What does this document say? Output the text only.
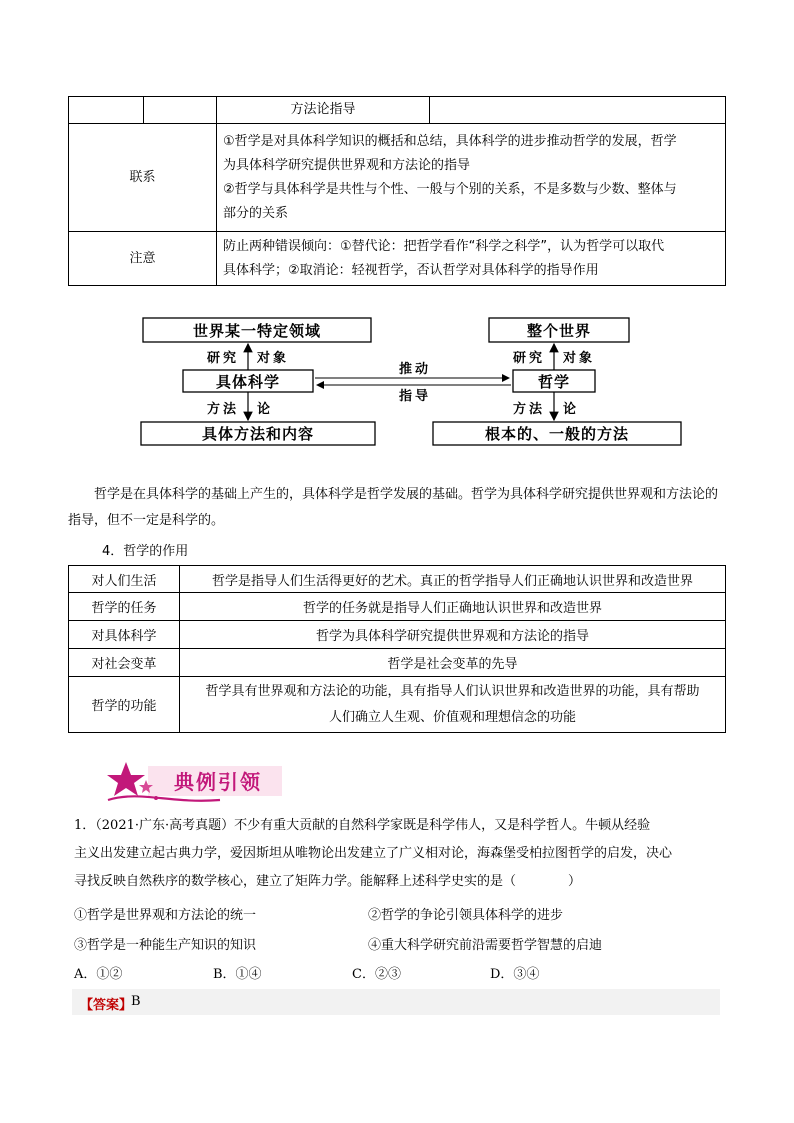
		方法论指导	
联系		①哲学是对具体科学知识的概括和总结，具体科学的进步推动哲学的发展，哲学
为具体科学研究提供世界观和方法论的指导
②哲学与具体科学是共性与个性、一般与个别的关系，不是多数与少数、整体与
部分的关系	

注意		防止两种错误倾向：①替代论：把哲学看作“科学之科学”，认为哲学可以取代
具体科学；②取消论：轻视哲学，否认哲学对具体科学的指导作用	
世界某一特定领域
具体科学
具体方法和内容
研究 对象
方法 论
整个世界
哲学
根本的、一般的方法
研究 对象
方法 论
推动
指导
哲学是在具体科学的基础上产生的，具体科学是哲学发展的基础。哲学为具体科学研究提供世界观和方法论的指导，但不一定是科学的。
4．哲学的作用
对人们生活	哲学是指导人们生活得更好的艺术。真正的哲学指导人们正确地认识世界和改造世界
哲学的任务	哲学的任务就是指导人们正确地认识世界和改造世界
对具体科学	哲学为具体科学研究提供世界观和方法论的指导
对社会变革	哲学是社会变革的先导
哲学的功能	哲学具有世界观和方法论的功能，具有指导人们认识世界和改造世界的功能，具有帮助
人们确立人生观、价值观和理想信念的功能
典例引领
1．（2021·广东·高考真题）不少有重大贡献的自然科学家既是科学伟人，又是科学哲人。牛顿从经验
主义出发建立起古典力学，爱因斯坦从唯物论出发建立了广义相对论，海森堡受柏拉图哲学的启发，决心
寻找反映自然秩序的数学核心，建立了矩阵力学。能解释上述科学史实的是（　　　　）
①哲学是世界观和方法论的统一	②哲学的争论引领具体科学的进步
③哲学是一种能生产知识的知识	④重大科学研究前沿需要哲学智慧的启迪
A．①②	B．①④	C．②③	D．③④
【答案】
B
